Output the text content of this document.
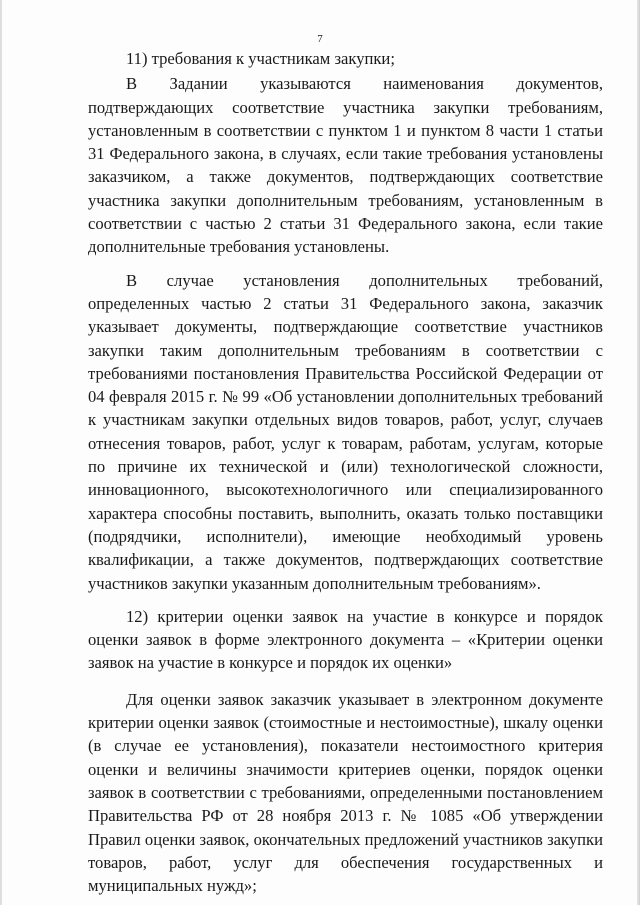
7

11) требования к участникам закупки;

В Задании указываются наименования документов, подтверждающих соответствие участника закупки требованиям, установленным в соответствии с пунктом 1 и пунктом 8 части 1 статьи 31 Федерального закона, в случаях, если такие требования установлены заказчиком, а также документов, подтверждающих соответствие участника закупки дополнительным требованиям, установленным в соответствии с частью 2 статьи 31 Федерального закона, если такие дополнительные требования установлены.

В случае установления дополнительных требований, определенных частью 2 статьи 31 Федерального закона, заказчик указывает документы, подтверждающие соответствие участников закупки таким дополнительным требованиям в соответствии с требованиями постановления Правительства Российской Федерации от 04 февраля 2015 г. № 99 «Об установлении дополнительных требований к участникам закупки отдельных видов товаров, работ, услуг, случаев отнесения товаров, работ, услуг к товарам, работам, услугам, которые по причине их технической и (или) технологической сложности, инновационного, высокотехнологичного или специализированного характера способны поставить, выполнить, оказать только поставщики (подрядчики, исполнители), имеющие необходимый уровень квалификации, а также документов, подтверждающих соответствие участников закупки указанным дополнительным требованиям».

12) критерии оценки заявок на участие в конкурсе и порядок оценки заявок в форме электронного документа – «Критерии оценки заявок на участие в конкурсе и порядок их оценки»

Для оценки заявок заказчик указывает в электронном документе критерии оценки заявок (стоимостные и нестоимостные), шкалу оценки (в случае ее установления), показатели нестоимостного критерия оценки и величины значимости критериев оценки, порядок оценки заявок в соответствии с требованиями, определенными постановлением Правительства РФ от 28 ноября 2013 г. № 1085 «Об утверждении Правил оценки заявок, окончательных предложений участников закупки товаров, работ, услуг для обеспечения государственных и муниципальных нужд»;
